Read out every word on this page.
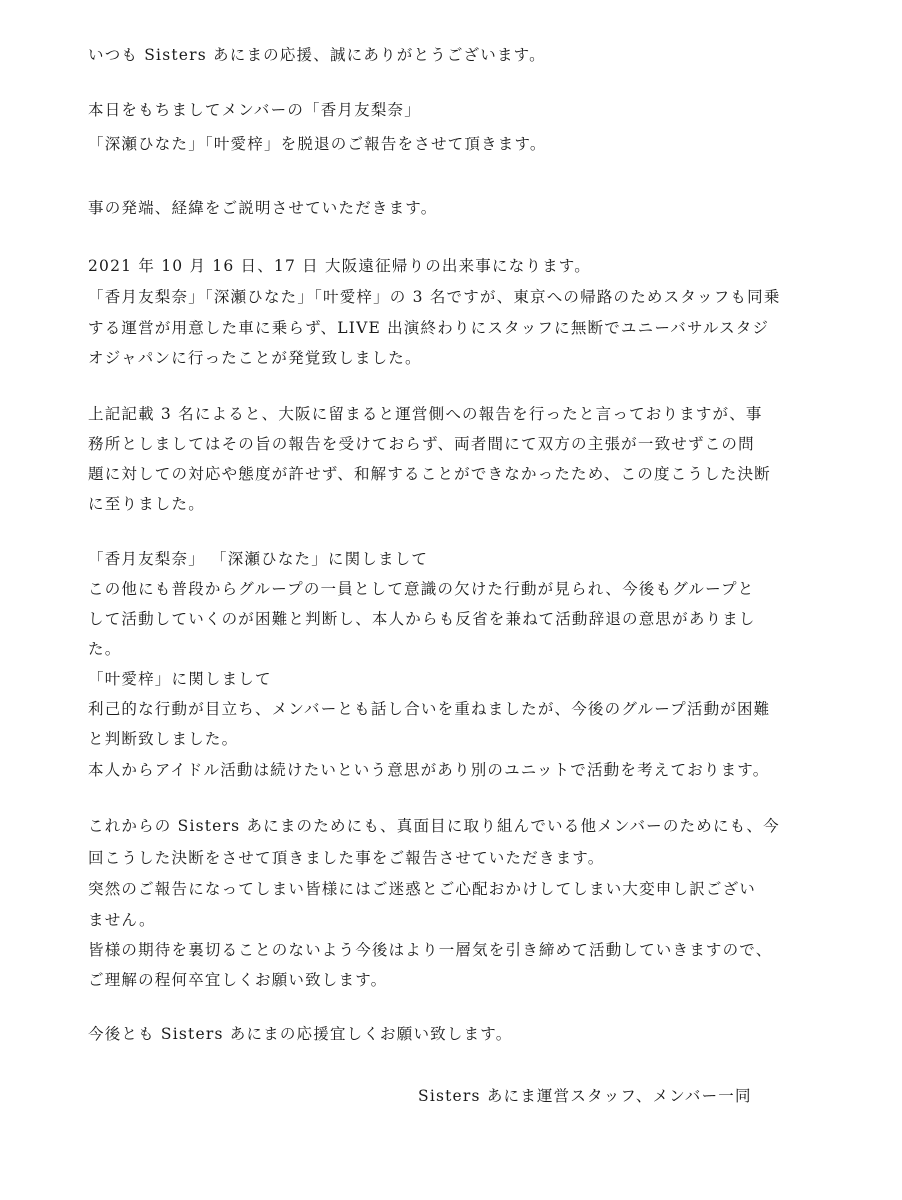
いつも Sisters あにまの応援、誠にありがとうございます。
本日をもちましてメンバーの「香月友梨奈」
「深瀬ひなた」「叶愛梓」を脱退のご報告をさせて頂きます。
事の発端、経緯をご説明させていただきます。
2021 年 10 月 16 日、17 日 大阪遠征帰りの出来事になります。
「香月友梨奈」「深瀬ひなた」「叶愛梓」の 3 名ですが、東京への帰路のためスタッフも同乗
する運営が用意した車に乗らず、LIVE 出演終わりにスタッフに無断でユニーバサルスタジ
オジャパンに行ったことが発覚致しました。
上記記載 3 名によると、大阪に留まると運営側への報告を行ったと言っておりますが、事
務所としましてはその旨の報告を受けておらず、両者間にて双方の主張が一致せずこの問
題に対しての対応や態度が許せず、和解することができなかったため、この度こうした決断
に至りました。
「香月友梨奈」 「深瀬ひなた」に関しまして
この他にも普段からグループの一員として意識の欠けた行動が見られ、今後もグループと
して活動していくのが困難と判断し、本人からも反省を兼ねて活動辞退の意思がありまし
た。
「叶愛梓」に関しまして
利己的な行動が目立ち、メンバーとも話し合いを重ねましたが、今後のグループ活動が困難
と判断致しました。
本人からアイドル活動は続けたいという意思があり別のユニットで活動を考えております。
これからの Sisters あにまのためにも、真面目に取り組んでいる他メンバーのためにも、今
回こうした決断をさせて頂きました事をご報告させていただきます。
突然のご報告になってしまい皆様にはご迷惑とご心配おかけしてしまい大変申し訳ござい
ません。
皆様の期待を裏切ることのないよう今後はより一層気を引き締めて活動していきますので、
ご理解の程何卒宜しくお願い致します。
今後とも Sisters あにまの応援宜しくお願い致します。
Sisters あにま運営スタッフ、メンバー一同
